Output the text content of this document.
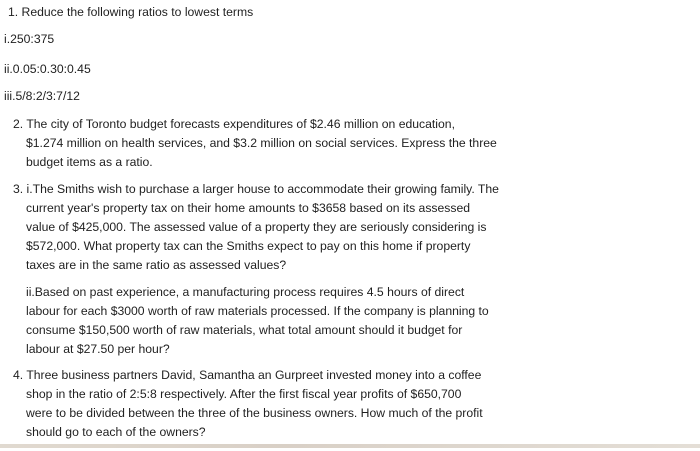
1. Reduce the following ratios to lowest terms
i.250:375
ii.0.05:0.30:0.45
iii.5/8:2/3:7/12
2. The city of Toronto budget forecasts expenditures of $2.46 million on education,
$1.274 million on health services, and $3.2 million on social services. Express the three
budget items as a ratio.
3. i.The Smiths wish to purchase a larger house to accommodate their growing family. The
current year's property tax on their home amounts to $3658 based on its assessed
value of $425,000. The assessed value of a property they are seriously considering is
$572,000. What property tax can the Smiths expect to pay on this home if property
taxes are in the same ratio as assessed values?
ii.Based on past experience, a manufacturing process requires 4.5 hours of direct
labour for each $3000 worth of raw materials processed. If the company is planning to
consume $150,500 worth of raw materials, what total amount should it budget for
labour at $27.50 per hour?
4. Three business partners David, Samantha an Gurpreet invested money into a coffee
shop in the ratio of 2:5:8 respectively. After the first fiscal year profits of $650,700
were to be divided between the three of the business owners. How much of the profit
should go to each of the owners?
